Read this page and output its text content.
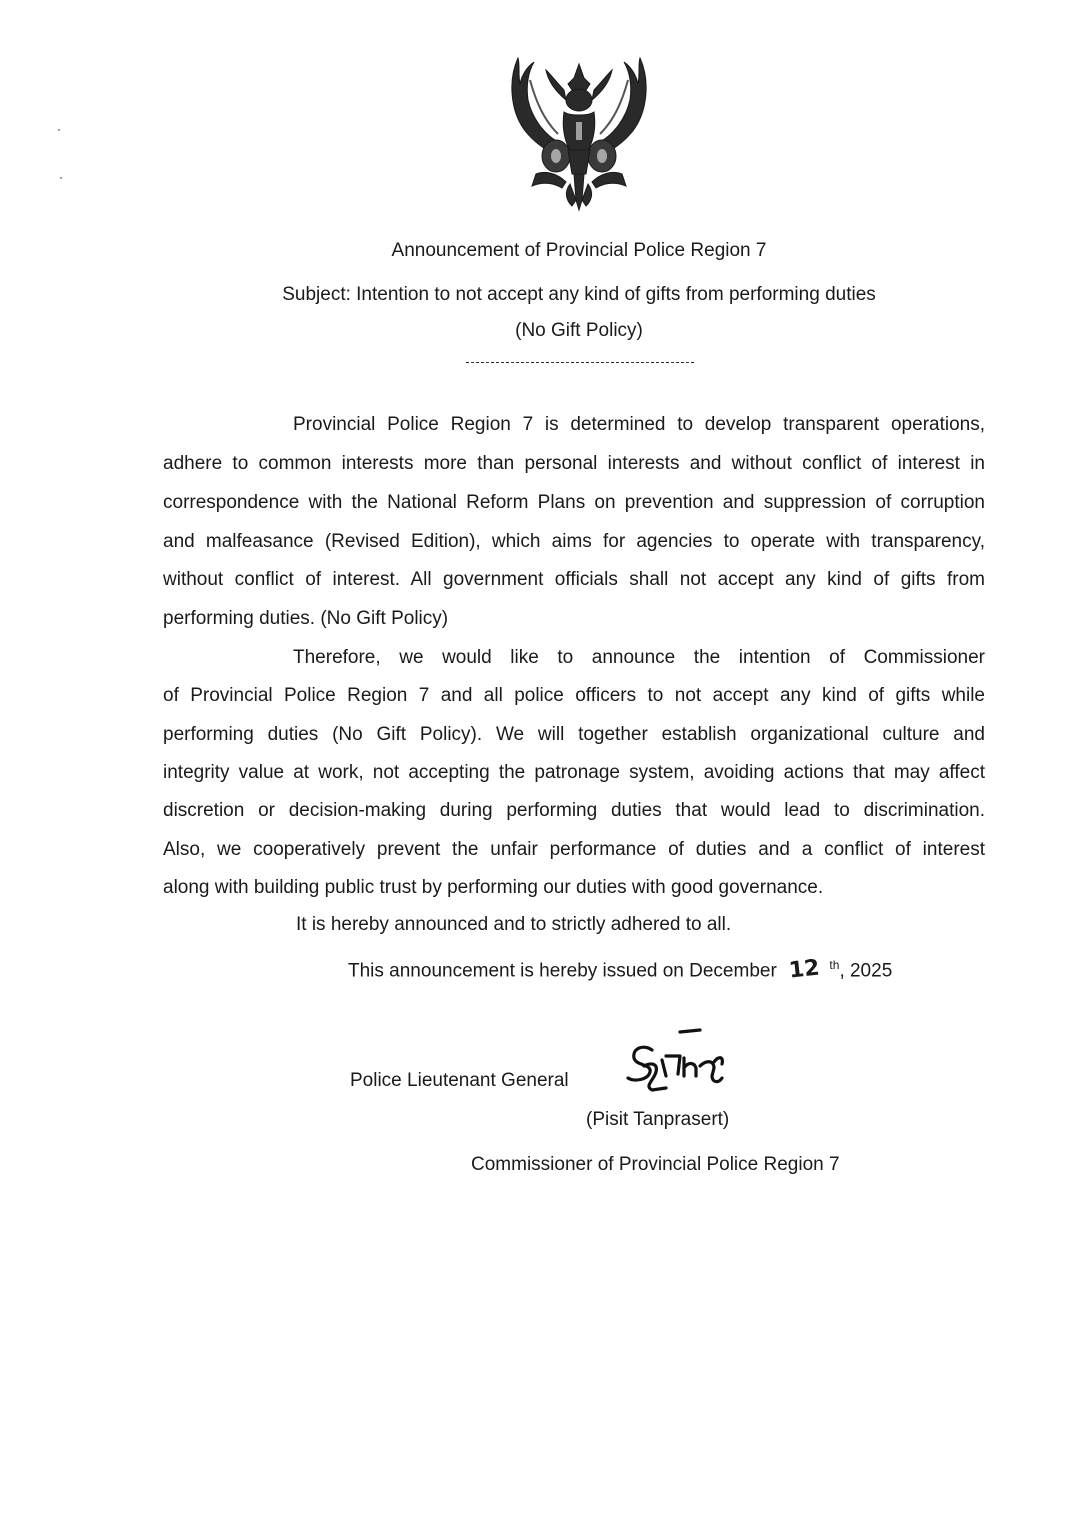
Announcement of Provincial Police Region 7
Subject: Intention to not accept any kind of gifts from performing duties
(No Gift Policy)
Provincial Police Region 7 is determined to develop transparent operations,
adhere to common interests more than personal interests and without conflict of interest in
correspondence with the National Reform Plans on prevention and suppression of corruption
and malfeasance (Revised Edition), which aims for agencies to operate with transparency,
without conflict of interest. All government officials shall not accept any kind of gifts from
performing duties. (No Gift Policy)
Therefore, we would like to announce the intention of Commissioner
of Provincial Police Region 7 and all police officers to not accept any kind of gifts while
performing duties (No Gift Policy). We will together establish organizational culture and
integrity value at work, not accepting the patronage system, avoiding actions that may affect
discretion or decision-making during performing duties that would lead to discrimination.
Also, we cooperatively prevent the unfair performance of duties and a conflict of interest
along with building public trust by performing our duties with good governance.
It is hereby announced and to strictly adhered to all.
This announcement is hereby issued on December 12 $^{th}$, 2025
Police Lieutenant General
(Pisit Tanprasert)
Commissioner of Provincial Police Region 7
